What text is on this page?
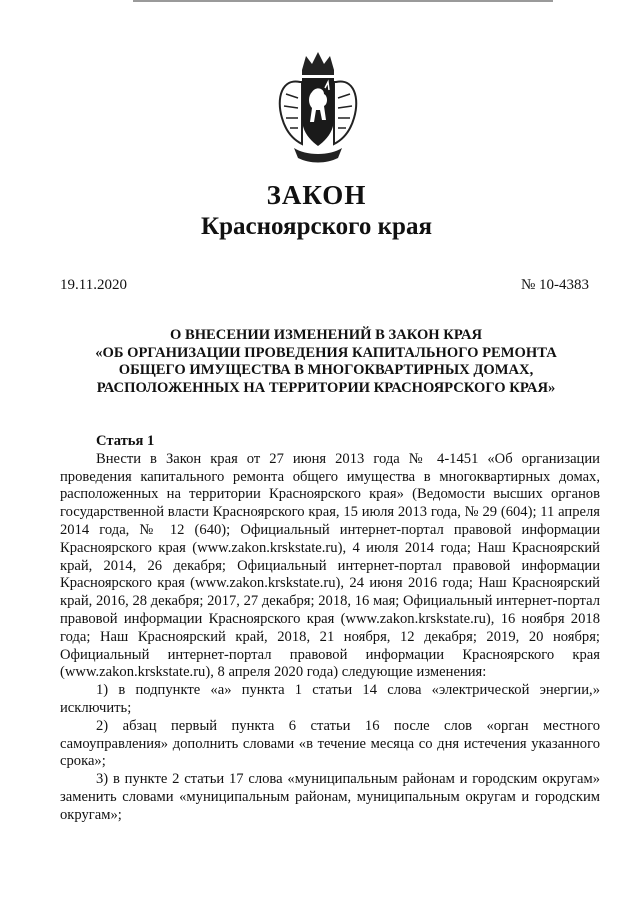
ЗАКОН
Красноярского края
19.11.2020	№ 10-4383
О ВНЕСЕНИИ ИЗМЕНЕНИЙ В ЗАКОН КРАЯ
«ОБ ОРГАНИЗАЦИИ ПРОВЕДЕНИЯ КАПИТАЛЬНОГО РЕМОНТА
ОБЩЕГО ИМУЩЕСТВА В МНОГОКВАРТИРНЫХ ДОМАХ,
РАСПОЛОЖЕННЫХ НА ТЕРРИТОРИИ КРАСНОЯРСКОГО КРАЯ»

Статья 1

Внести в Закон края от 27 июня 2013 года № 4-1451 «Об организации проведения капитального ремонта общего имущества в многоквартирных домах, расположенных на территории Красноярского края» (Ведомости высших органов государственной власти Красноярского края, 15 июля 2013 года, № 29 (604); 11 апреля 2014 года, № 12 (640); Официальный интернет-портал правовой информации Красноярского края (www.zakon.krskstate.ru), 4 июля 2014 года; Наш Красноярский край, 2014, 26 декабря; Официальный интернет-портал правовой информации Красноярского края (www.zakon.krskstate.ru), 24 июня 2016 года; Наш Красноярский край, 2016, 28 декабря; 2017, 27 декабря; 2018, 16 мая; Официальный интернет-портал правовой информации Красноярского края (www.zakon.krskstate.ru), 16 ноября 2018 года; Наш Красноярский край, 2018, 21 ноября, 12 декабря; 2019, 20 ноября; Официальный интернет-портал правовой информации Красноярского края (www.zakon.krskstate.ru), 8 апреля 2020 года) следующие изменения:

1) в подпункте «а» пункта 1 статьи 14 слова «электрической энергии,» исключить;

2) абзац первый пункта 6 статьи 16 после слов «орган местного самоуправления» дополнить словами «в течение месяца со дня истечения указанного срока»;

3) в пункте 2 статьи 17 слова «муниципальным районам и городским округам» заменить словами «муниципальным районам, муниципальным округам и городским округам»;
